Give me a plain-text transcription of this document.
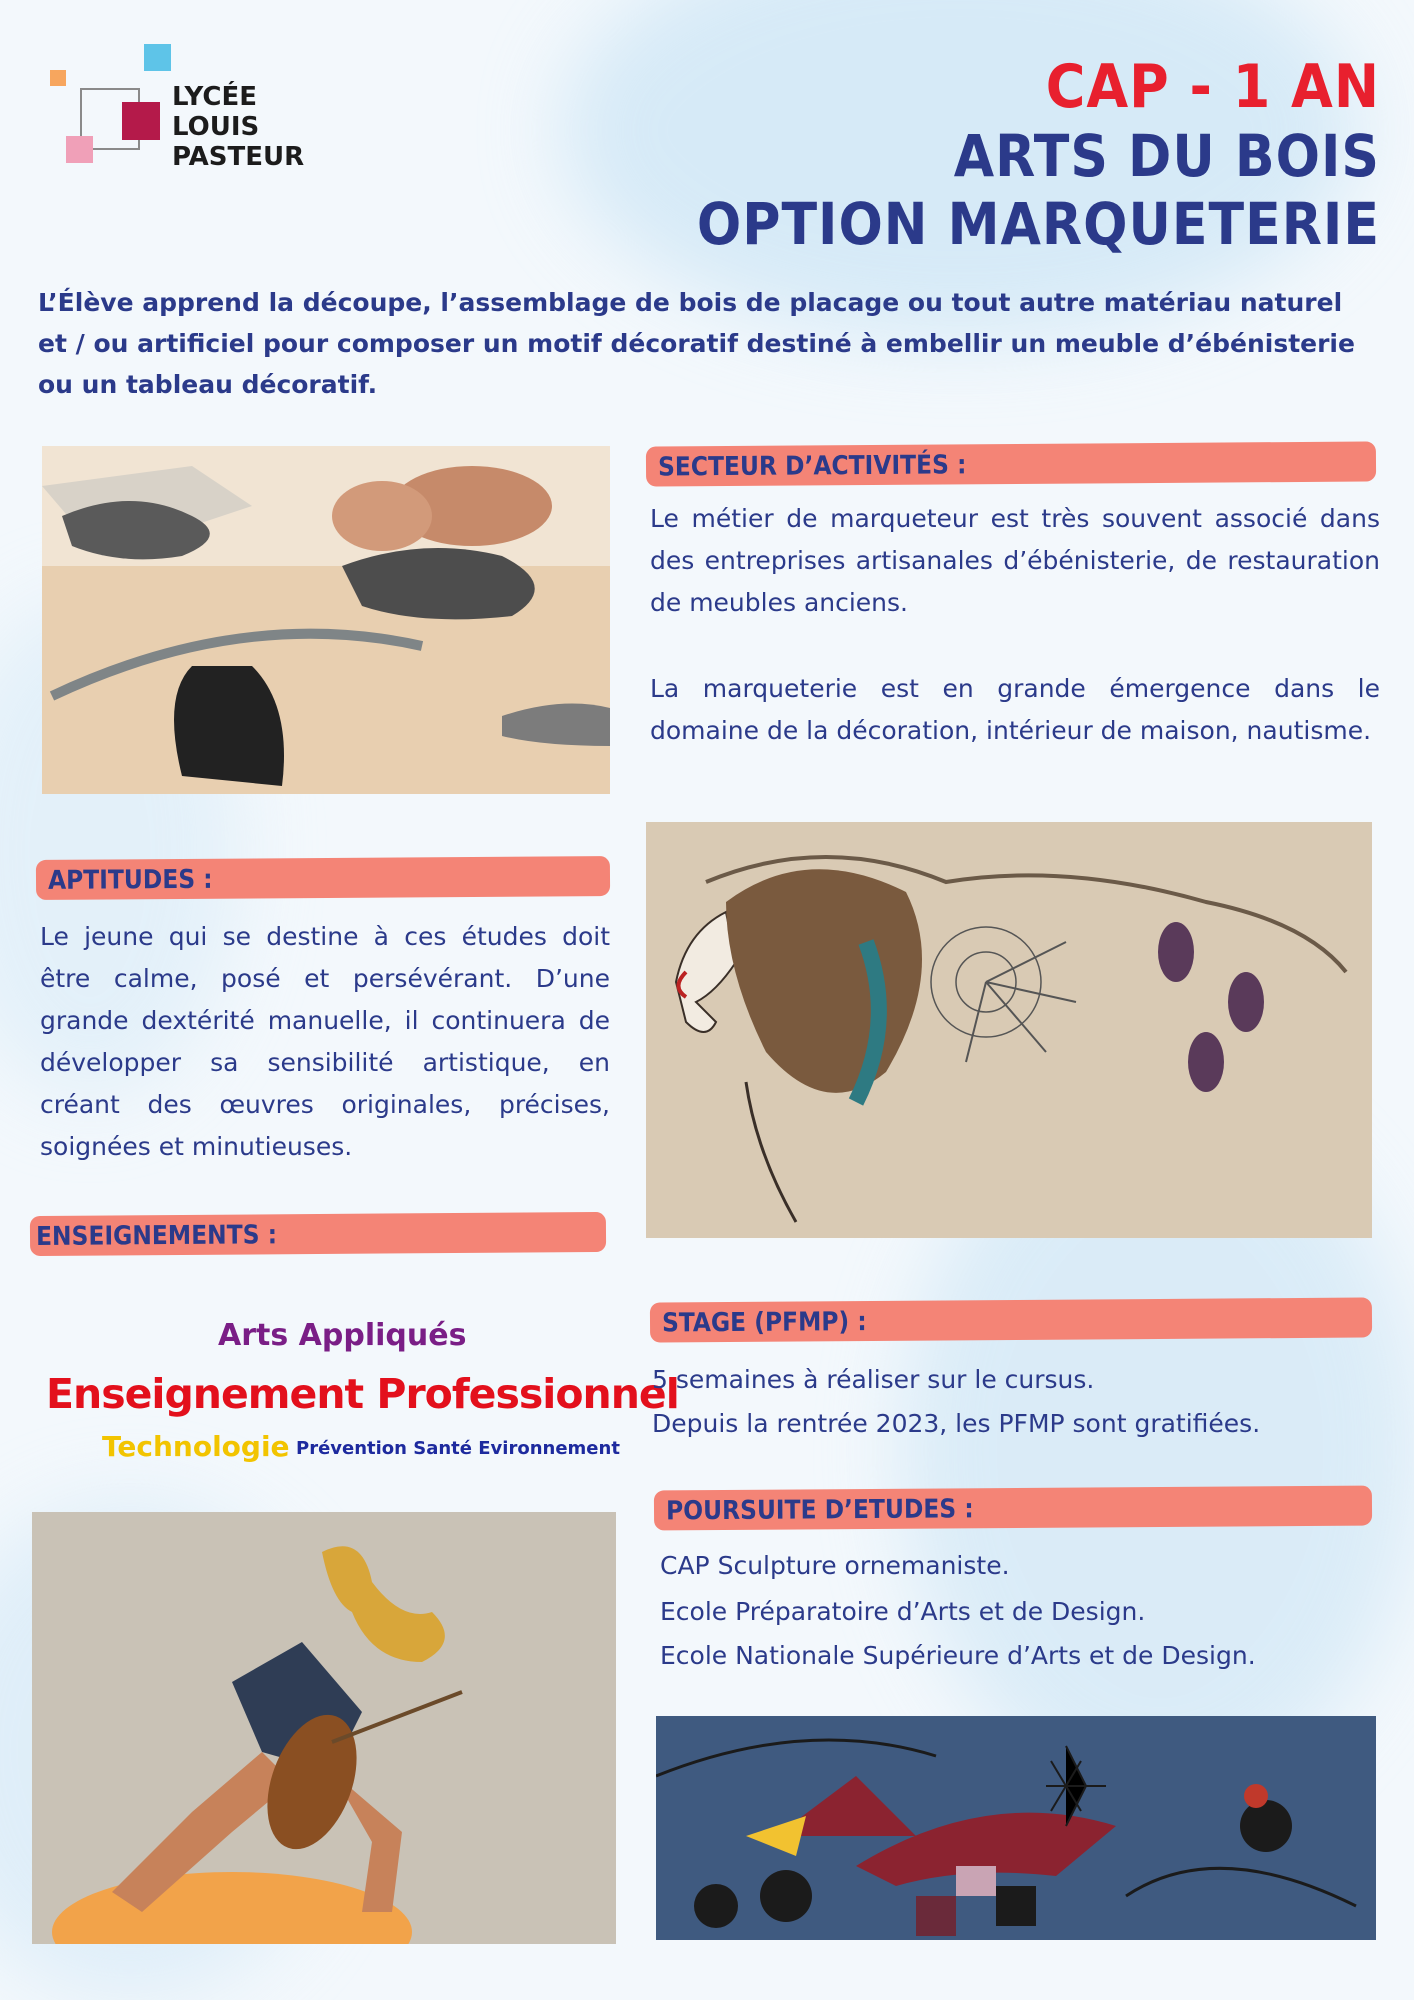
LYCÉE
LOUIS
PASTEUR
CAP - 1 AN
ARTS DU BOIS
OPTION MARQUETERIE
L’Élève apprend la découpe, l’assemblage de bois de placage ou tout autre matériau naturel et / ou artificiel pour composer un motif décoratif destiné à embellir un meuble d’ébénisterie ou un tableau décoratif.
SECTEUR D’ACTIVITÉS :
Le métier de marqueteur est très souvent associé dans des entreprises artisanales d’ébénisterie, de restauration de meubles anciens.
La marqueterie est en grande émergence dans le domaine de la décoration, intérieur de maison, nautisme.
APTITUDES :
Le jeune qui se destine à ces études doit être calme, posé et persévérant. D’une grande dextérité manuelle, il continuera de développer sa sensibilité artistique, en créant des œuvres originales, précises, soignées et minutieuses.
ENSEIGNEMENTS :
Arts Appliqués
Enseignement Professionnel
Technologie Prévention Santé Evironnement
STAGE (PFMP) :
5 semaines à réaliser sur le cursus.
Depuis la rentrée 2023, les PFMP sont gratifiées.
POURSUITE D’ETUDES :
CAP Sculpture ornemaniste.
Ecole Préparatoire d’Arts et de Design.
Ecole Nationale Supérieure d’Arts et de Design.
